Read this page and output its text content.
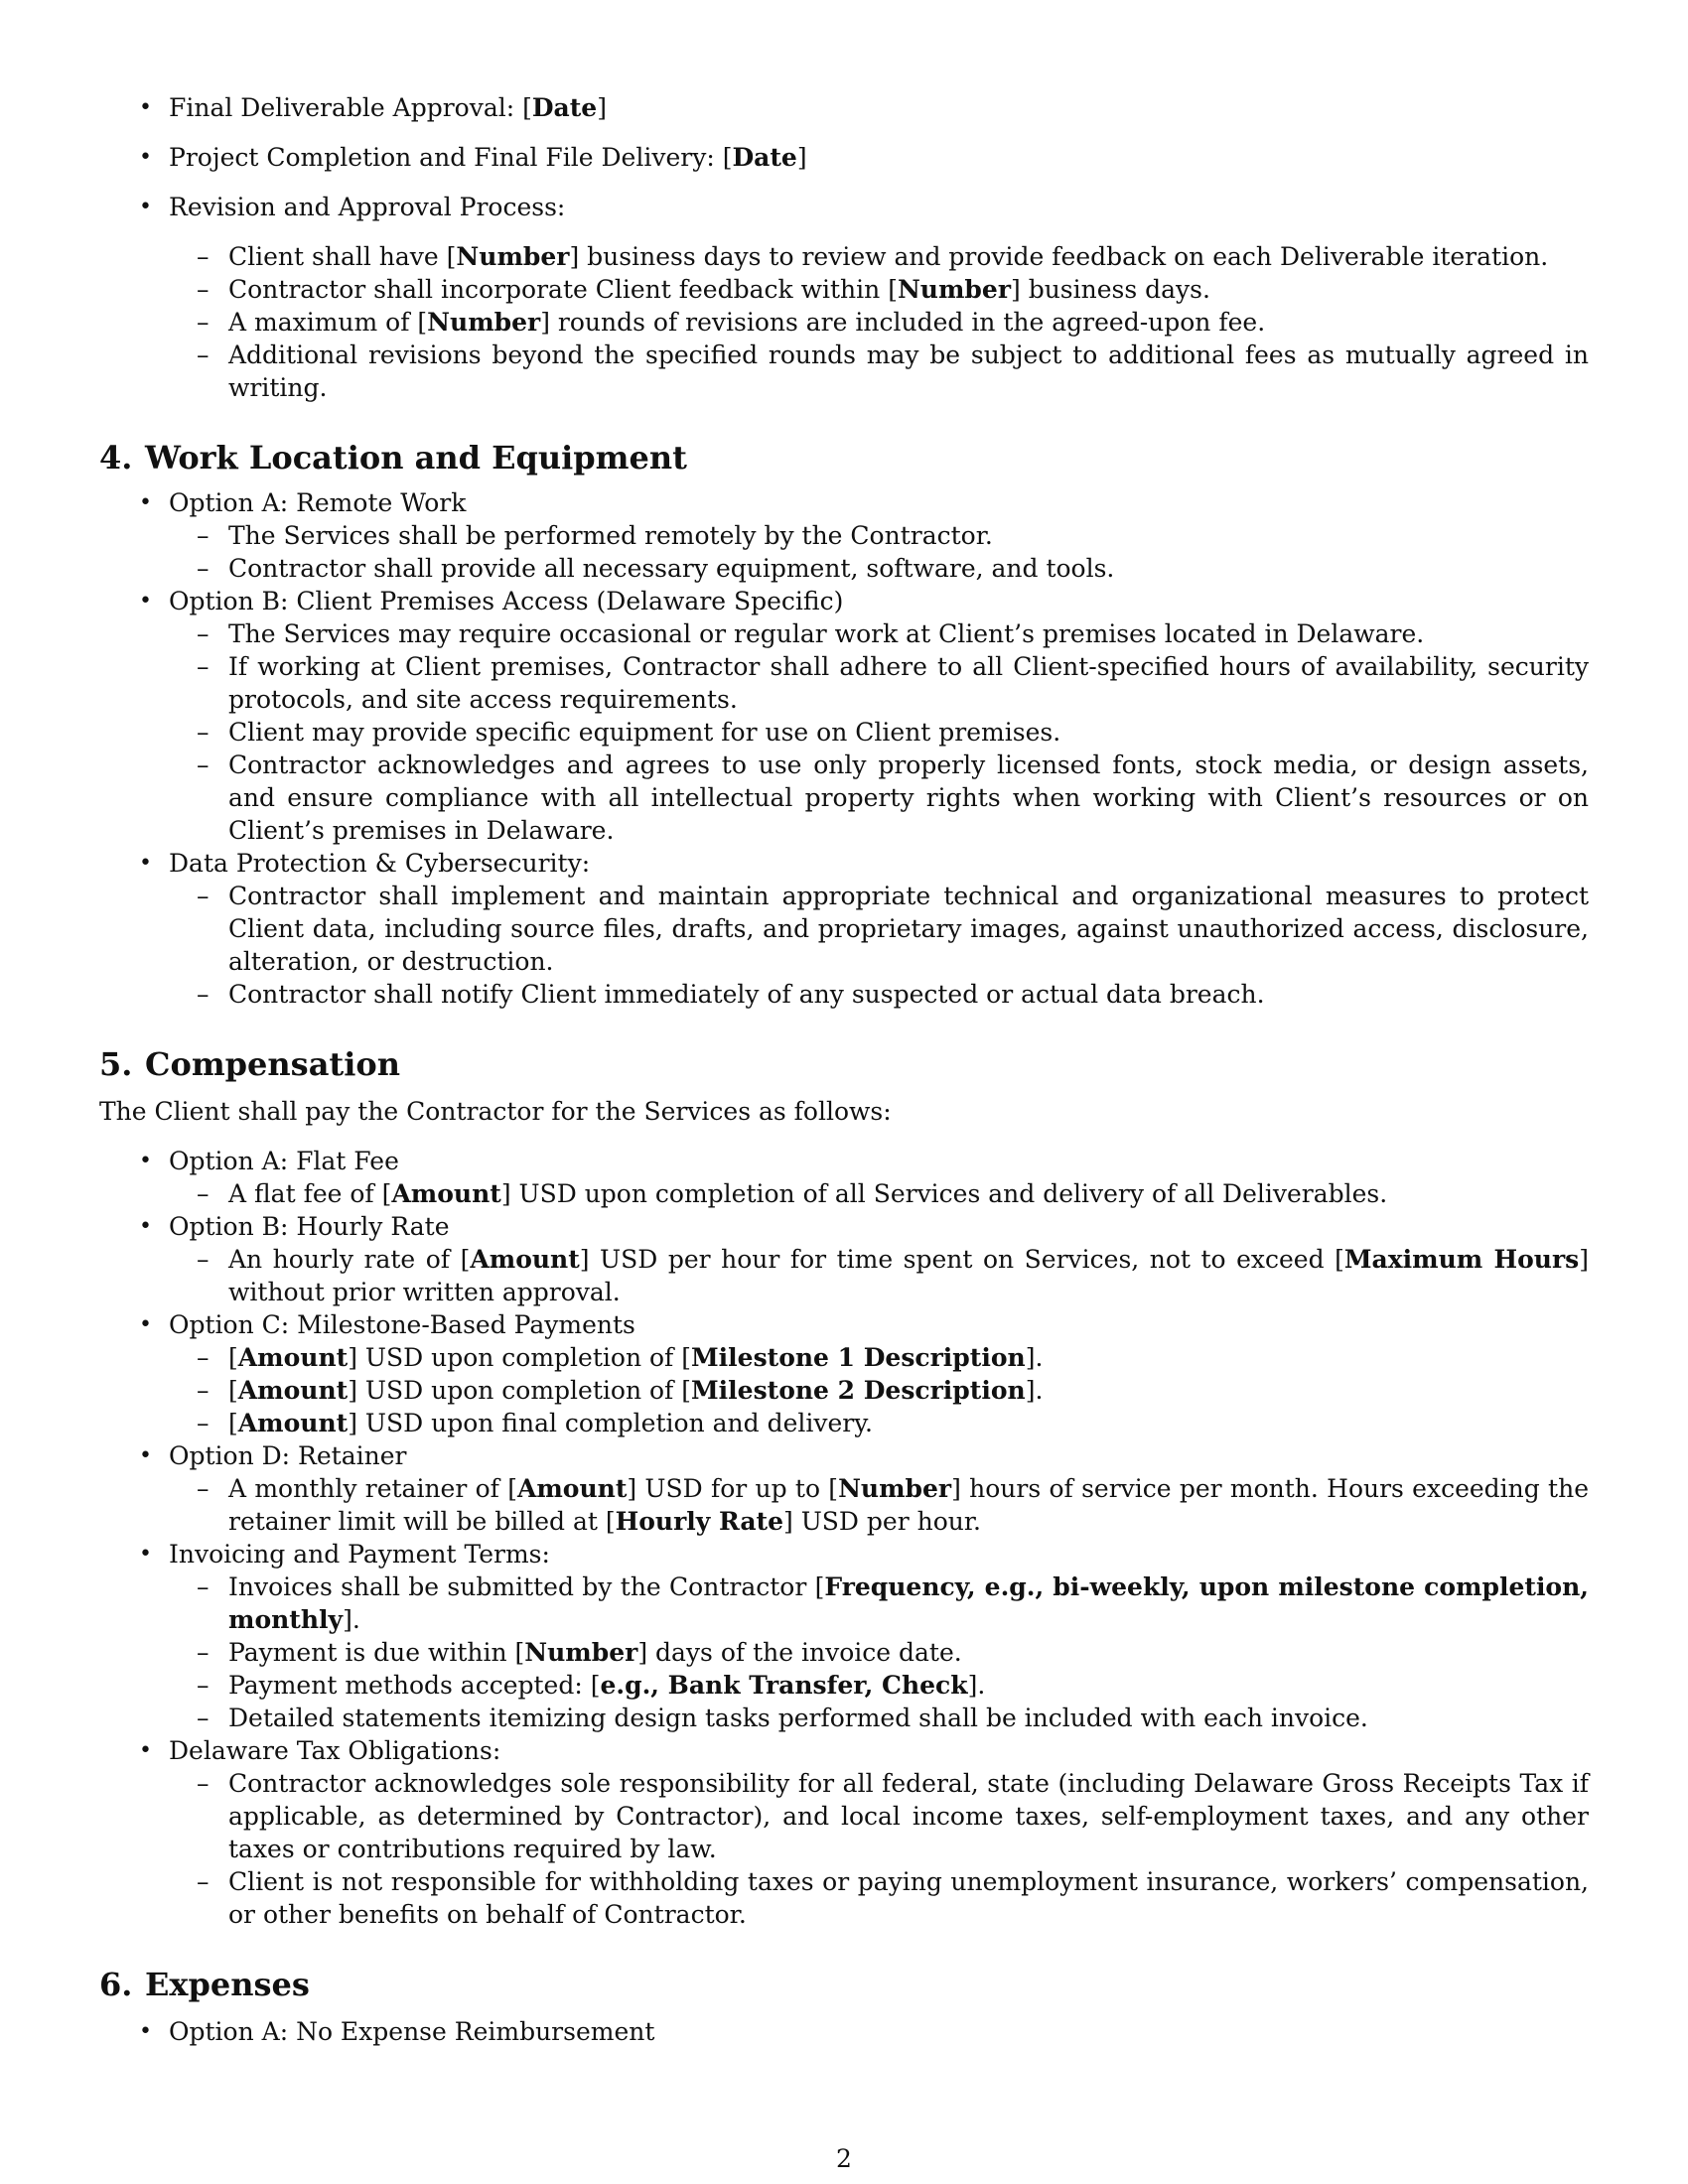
• Final Deliverable Approval: [Date]
• Project Completion and Final File Delivery: [Date]
• Revision and Approval Process:
– Client shall have [Number] business days to review and provide feedback on each Deliverable iteration.
– Contractor shall incorporate Client feedback within [Number] business days.
– A maximum of [Number] rounds of revisions are included in the agreed-upon fee.
– Additional revisions beyond the specified rounds may be subject to additional fees as mutually agreed in writing.
4. Work Location and Equipment
• Option A: Remote Work
– The Services shall be performed remotely by the Contractor.
– Contractor shall provide all necessary equipment, software, and tools.
• Option B: Client Premises Access (Delaware Specific)
– The Services may require occasional or regular work at Client’s premises located in Delaware.
– If working at Client premises, Contractor shall adhere to all Client-specified hours of availability, security protocols, and site access requirements.
– Client may provide specific equipment for use on Client premises.
– Contractor acknowledges and agrees to use only properly licensed fonts, stock media, or design assets, and ensure compliance with all intellectual property rights when working with Client’s resources or on Client’s premises in Delaware.
• Data Protection & Cybersecurity:
– Contractor shall implement and maintain appropriate technical and organizational measures to protect Client data, including source files, drafts, and proprietary images, against unauthorized access, disclosure, alteration, or destruction.
– Contractor shall notify Client immediately of any suspected or actual data breach.
5. Compensation

The Client shall pay the Contractor for the Services as follows:

• Option A: Flat Fee
– A flat fee of [Amount] USD upon completion of all Services and delivery of all Deliverables.
• Option B: Hourly Rate
– An hourly rate of [Amount] USD per hour for time spent on Services, not to exceed [Maximum Hours] without prior written approval.
• Option C: Milestone-Based Payments
– [Amount] USD upon completion of [Milestone 1 Description].
– [Amount] USD upon completion of [Milestone 2 Description].
– [Amount] USD upon final completion and delivery.
• Option D: Retainer
– A monthly retainer of [Amount] USD for up to [Number] hours of service per month. Hours exceeding the retainer limit will be billed at [Hourly Rate] USD per hour.
• Invoicing and Payment Terms:
– Invoices shall be submitted by the Contractor [Frequency, e.g., bi-weekly, upon milestone completion, monthly].
– Payment is due within [Number] days of the invoice date.
– Payment methods accepted: [e.g., Bank Transfer, Check].
– Detailed statements itemizing design tasks performed shall be included with each invoice.
• Delaware Tax Obligations:
– Contractor acknowledges sole responsibility for all federal, state (including Delaware Gross Receipts Tax if applicable, as determined by Contractor), and local income taxes, self-employment taxes, and any other taxes or contributions required by law.
– Client is not responsible for withholding taxes or paying unemployment insurance, workers’ compensation, or other benefits on behalf of Contractor.
6. Expenses
• Option A: No Expense Reimbursement
2
